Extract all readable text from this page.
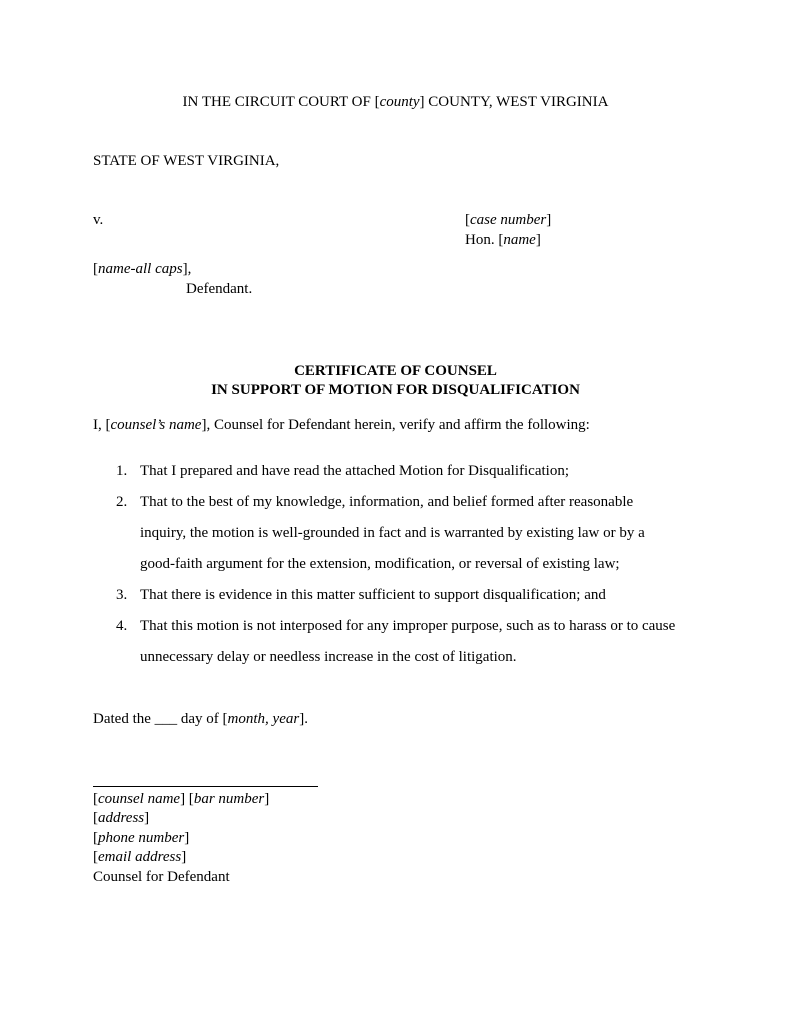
IN THE CIRCUIT COURT OF [county] COUNTY, WEST VIRGINIA
STATE OF WEST VIRGINIA,
v.	[case number]
Hon. [name]
[name-all caps],
Defendant.
CERTIFICATE OF COUNSEL
IN SUPPORT OF MOTION FOR DISQUALIFICATION
I, [counsel’s name], Counsel for Defendant herein, verify and affirm the following:
1. That I prepared and have read the attached Motion for Disqualification;
2. That to the best of my knowledge, information, and belief formed after reasonable
inquiry, the motion is well-grounded in fact and is warranted by existing law or by a
good-faith argument for the extension, modification, or reversal of existing law;
3. That there is evidence in this matter sufficient to support disqualification; and
4. That this motion is not interposed for any improper purpose, such as to harass or to cause
unnecessary delay or needless increase in the cost of litigation.
Dated the ___ day of [month, year].
[counsel name] [bar number]
[address]
[phone number]
[email address]
Counsel for Defendant
